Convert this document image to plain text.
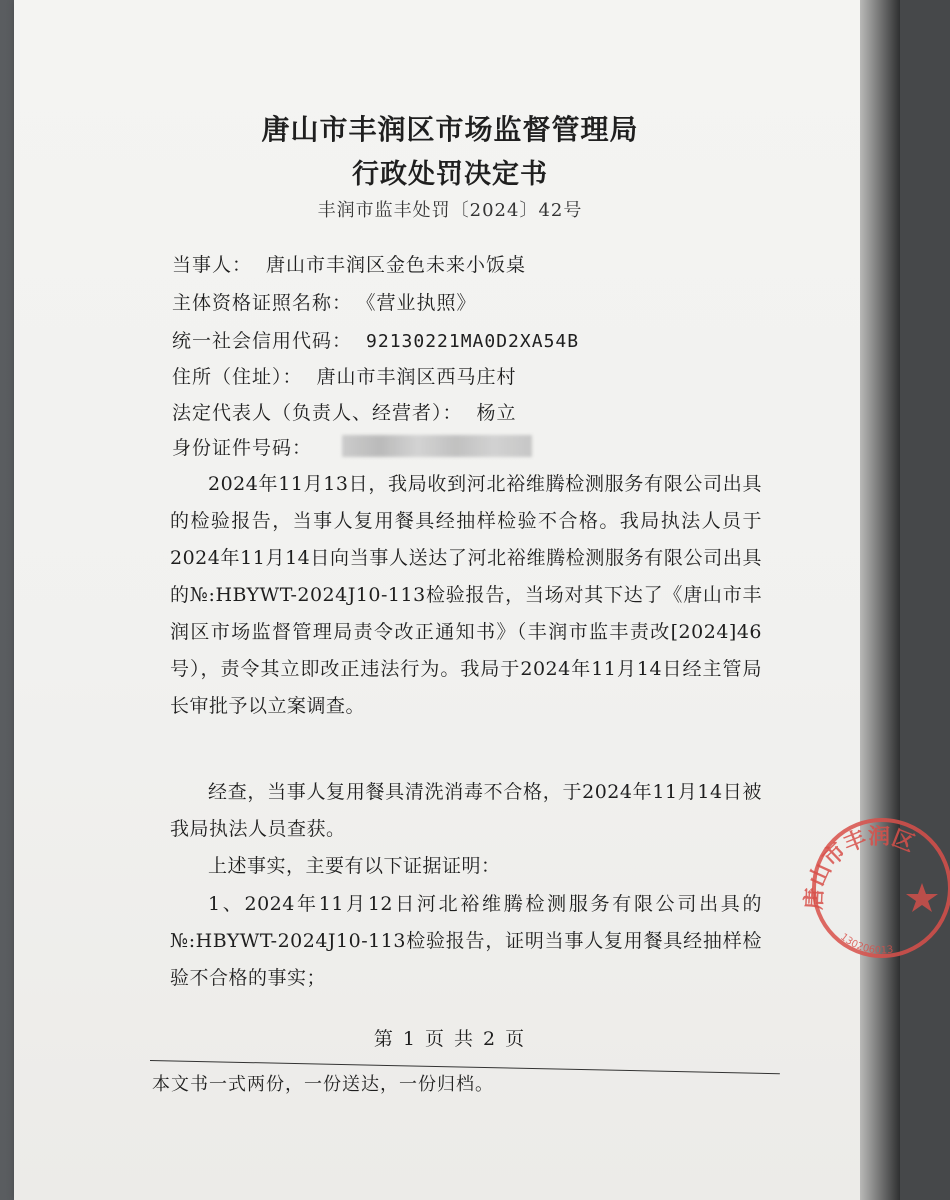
唐山市丰润区市场监督管理局
行政处罚决定书
丰润市监丰处罚〔2024〕42号
当事人： 唐山市丰润区金色未来小饭桌
主体资格证照名称： 《营业执照》
统一社会信用代码： 92130221MA0D2XA54B
住所（住址）： 唐山市丰润区西马庄村
法定代表人（负责人、经营者）： 杨立
身份证件号码：
2024年11月13日，我局收到河北裕维腾检测服务有限公司出具的检验报告，当事人复用餐具经抽样检验不合格。我局执法人员于2024年11月14日向当事人送达了河北裕维腾检测服务有限公司出具的№:HBYWT-2024J10-113检验报告，当场对其下达了《唐山市丰润区市场监督管理局责令改正通知书》（丰润市监丰责改[2024]46号），责令其立即改正违法行为。我局于2024年11月14日经主管局长审批予以立案调查。
经查，当事人复用餐具清洗消毒不合格，于2024年11月14日被我局执法人员查获。
上述事实，主要有以下证据证明：
1、2024年11月12日河北裕维腾检测服务有限公司出具的№:HBYWT-2024J10-113检验报告，证明当事人复用餐具经抽样检验不合格的事实；
第 1 页 共 2 页
本文书一式两份，一份送达，一份归档。
唐山市丰润区
130206013
